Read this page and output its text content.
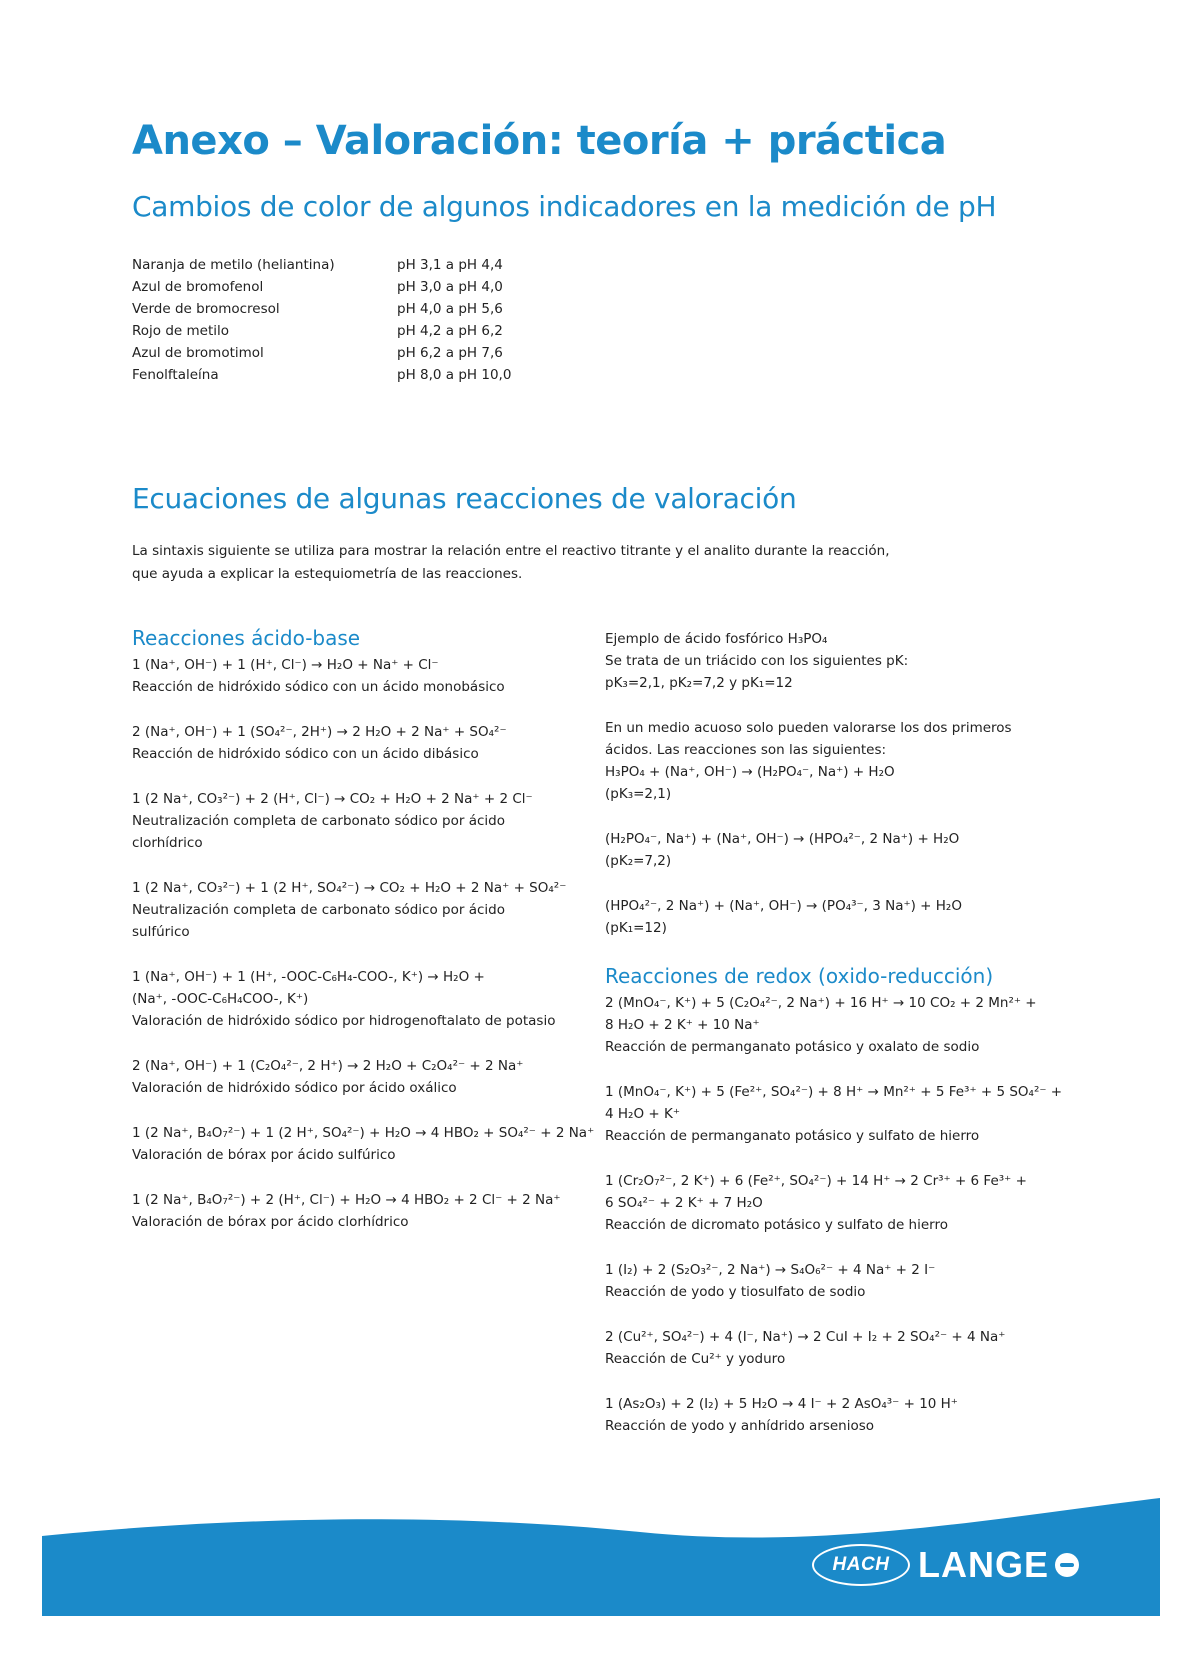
Anexo – Valoración: teoría + práctica
Cambios de color de algunos indicadores en la medición de pH
Naranja de metilo (heliantina)	pH 3,1 a pH 4,4
Azul de bromofenol	pH 3,0 a pH 4,0
Verde de bromocresol	pH 4,0 a pH 5,6
Rojo de metilo	pH 4,2 a pH 6,2
Azul de bromotimol	pH 6,2 a pH 7,6
Fenolftaleína	pH 8,0 a pH 10,0
Ecuaciones de algunas reacciones de valoración

La sintaxis siguiente se utiliza para mostrar la relación entre el reactivo titrante y el analito durante la reacción,
que ayuda a explicar la estequiometría de las reacciones.

Reacciones ácido-base

1 (Na⁺, OH⁻) + 1 (H⁺, Cl⁻) → H₂O + Na⁺ + Cl⁻

Reacción de hidróxido sódico con un ácido monobásico

2 (Na⁺, OH⁻) + 1 (SO₄²⁻, 2H⁺) → 2 H₂O + 2 Na⁺ + SO₄²⁻

Reacción de hidróxido sódico con un ácido dibásico

1 (2 Na⁺, CO₃²⁻) + 2 (H⁺, Cl⁻) → CO₂ + H₂O + 2 Na⁺ + 2 Cl⁻

Neutralización completa de carbonato sódico por ácido

clorhídrico

1 (2 Na⁺, CO₃²⁻) + 1 (2 H⁺, SO₄²⁻) → CO₂ + H₂O + 2 Na⁺ + SO₄²⁻

Neutralización completa de carbonato sódico por ácido

sulfúrico

1 (Na⁺, OH⁻) + 1 (H⁺, -OOC-C₆H₄-COO-, K⁺) → H₂O +

(Na⁺, -OOC-C₆H₄COO-, K⁺)

Valoración de hidróxido sódico por hidrogenoftalato de potasio

2 (Na⁺, OH⁻) + 1 (C₂O₄²⁻, 2 H⁺) → 2 H₂O + C₂O₄²⁻ + 2 Na⁺

Valoración de hidróxido sódico por ácido oxálico

1 (2 Na⁺, B₄O₇²⁻) + 1 (2 H⁺, SO₄²⁻) + H₂O → 4 HBO₂ + SO₄²⁻ + 2 Na⁺

Valoración de bórax por ácido sulfúrico

1 (2 Na⁺, B₄O₇²⁻) + 2 (H⁺, Cl⁻) + H₂O → 4 HBO₂ + 2 Cl⁻ + 2 Na⁺

Valoración de bórax por ácido clorhídrico

Ejemplo de ácido fosfórico H₃PO₄

Se trata de un triácido con los siguientes pK:

pK₃=2,1, pK₂=7,2 y pK₁=12

En un medio acuoso solo pueden valorarse los dos primeros

ácidos. Las reacciones son las siguientes:

H₃PO₄ + (Na⁺, OH⁻) → (H₂PO₄⁻, Na⁺) + H₂O

(pK₃=2,1)

(H₂PO₄⁻, Na⁺) + (Na⁺, OH⁻) → (HPO₄²⁻, 2 Na⁺) + H₂O

(pK₂=7,2)

(HPO₄²⁻, 2 Na⁺) + (Na⁺, OH⁻) → (PO₄³⁻, 3 Na⁺) + H₂O

(pK₁=12)

Reacciones de redox (oxido-reducción)

2 (MnO₄⁻, K⁺) + 5 (C₂O₄²⁻, 2 Na⁺) + 16 H⁺ → 10 CO₂ + 2 Mn²⁺ +

8 H₂O + 2 K⁺ + 10 Na⁺

Reacción de permanganato potásico y oxalato de sodio

1 (MnO₄⁻, K⁺) + 5 (Fe²⁺, SO₄²⁻) + 8 H⁺ → Mn²⁺ + 5 Fe³⁺ + 5 SO₄²⁻ +

4 H₂O + K⁺

Reacción de permanganato potásico y sulfato de hierro

1 (Cr₂O₇²⁻, 2 K⁺) + 6 (Fe²⁺, SO₄²⁻) + 14 H⁺ → 2 Cr³⁺ + 6 Fe³⁺ +

6 SO₄²⁻ + 2 K⁺ + 7 H₂O

Reacción de dicromato potásico y sulfato de hierro

1 (I₂) + 2 (S₂O₃²⁻, 2 Na⁺) → S₄O₆²⁻ + 4 Na⁺ + 2 I⁻

Reacción de yodo y tiosulfato de sodio

2 (Cu²⁺, SO₄²⁻) + 4 (I⁻, Na⁺) → 2 CuI + I₂ + 2 SO₄²⁻ + 4 Na⁺

Reacción de Cu²⁺ y yoduro

1 (As₂O₃) + 2 (I₂) + 5 H₂O → 4 I⁻ + 2 AsO₄³⁻ + 10 H⁺

Reacción de yodo y anhídrido arsenioso

HACH LANGE
